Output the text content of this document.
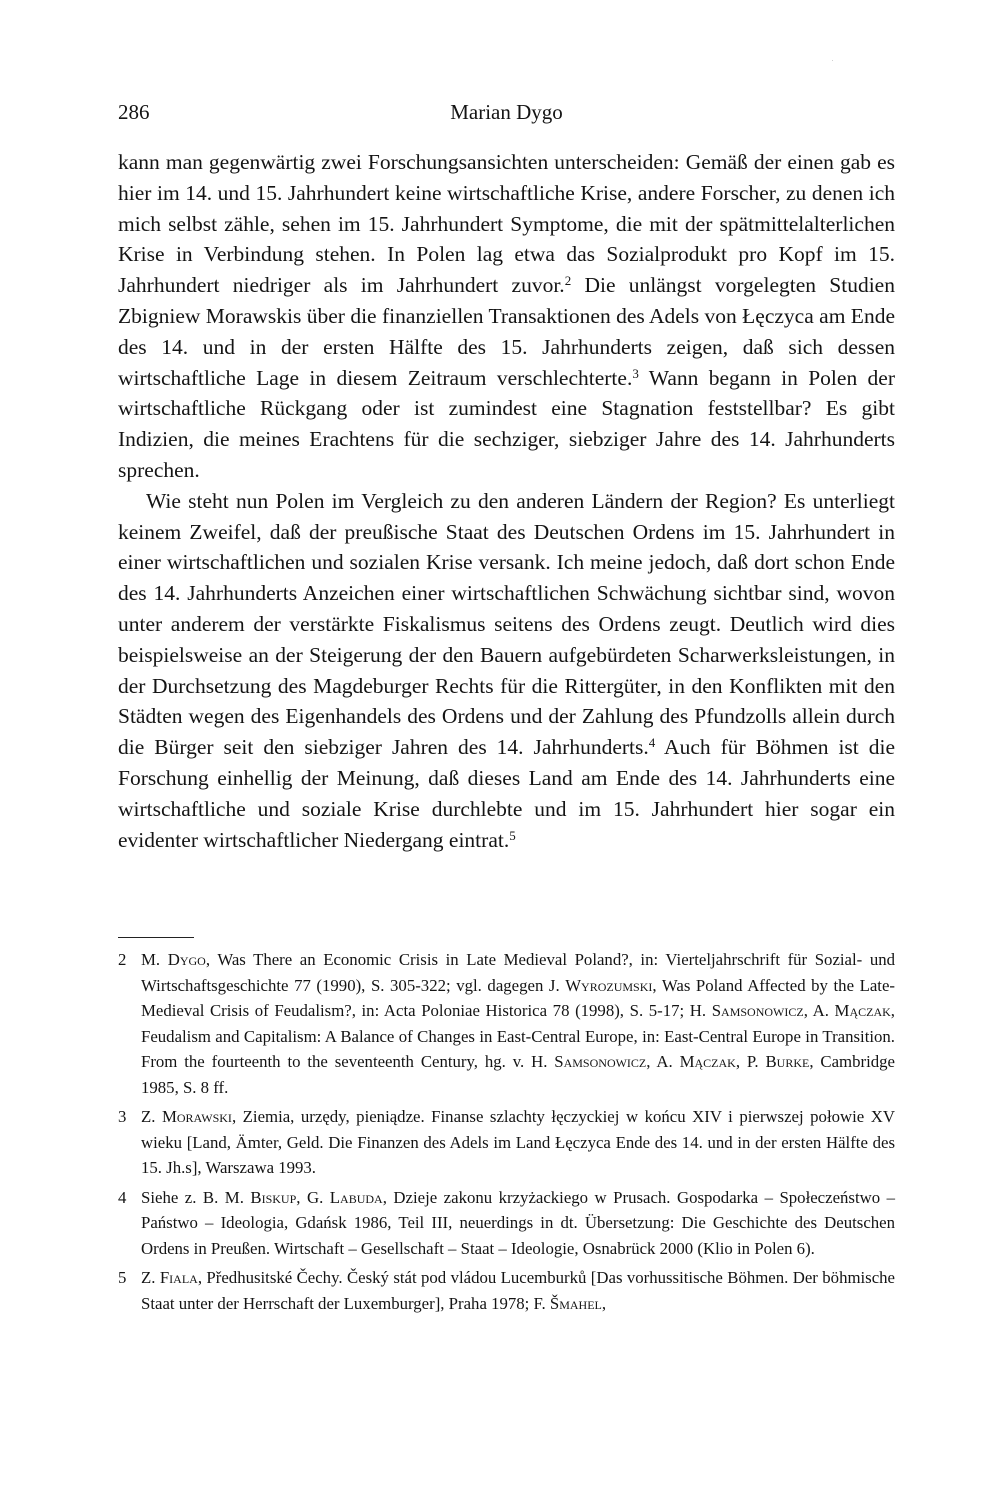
286	Marian Dygo

kann man gegenwärtig zwei Forschungsansichten unterscheiden: Gemäß der einen gab es hier im 14. und 15. Jahrhundert keine wirtschaftliche Krise, andere Forscher, zu denen ich mich selbst zähle, sehen im 15. Jahrhundert Symptome, die mit der spätmittelalterlichen Krise in Verbindung stehen. In Polen lag etwa das Sozialprodukt pro Kopf im 15. Jahrhundert niedriger als im Jahrhundert zuvor.$^2$ Die unlängst vorgelegten Studien Zbigniew Morawskis über die finanziellen Transaktionen des Adels von Łęczyca am Ende des 14. und in der ersten Hälfte des 15. Jahrhunderts zeigen, daß sich dessen wirtschaftliche Lage in diesem Zeitraum verschlechterte.$^3$ Wann begann in Polen der wirtschaftliche Rückgang oder ist zumindest eine Stagnation feststellbar? Es gibt Indizien, die meines Erachtens für die sechziger, siebziger Jahre des 14. Jahrhunderts sprechen.

Wie steht nun Polen im Vergleich zu den anderen Ländern der Region? Es unterliegt keinem Zweifel, daß der preußische Staat des Deutschen Ordens im 15. Jahrhundert in einer wirtschaftlichen und sozialen Krise versank. Ich meine jedoch, daß dort schon Ende des 14. Jahrhunderts Anzeichen einer wirtschaftlichen Schwächung sichtbar sind, wovon unter anderem der verstärkte Fiskalismus seitens des Ordens zeugt. Deutlich wird dies beispielsweise an der Steigerung der den Bauern aufgebürdeten Scharwerksleistungen, in der Durchsetzung des Magdeburger Rechts für die Rittergüter, in den Konflikten mit den Städten wegen des Eigenhandels des Ordens und der Zahlung des Pfundzolls allein durch die Bürger seit den siebziger Jahren des 14. Jahrhunderts.$^4$ Auch für Böhmen ist die Forschung einhellig der Meinung, daß dieses Land am Ende des 14. Jahrhunderts eine wirtschaftliche und soziale Krise durchlebte und im 15. Jahrhundert hier sogar ein evidenter wirtschaftlicher Niedergang eintrat.$^5$

2 M. Dygo, Was There an Economic Crisis in Late Medieval Poland?, in: Vierteljahrschrift für Sozial- und Wirtschaftsgeschichte 77 (1990), S. 305-322; vgl. dagegen J. Wyrozumski, Was Poland Affected by the Late-Medieval Crisis of Feudalism?, in: Acta Poloniae Historica 78 (1998), S. 5-17; H. Samsonowicz, A. Mączak, Feudalism and Capitalism: A Balance of Changes in East-Central Europe, in: East-Central Europe in Transition. From the fourteenth to the seventeenth Century, hg. v. H. Samsonowicz, A. Mączak, P. Burke, Cambridge 1985, S. 8 ff.
3 Z. Morawski, Ziemia, urzędy, pieniądze. Finanse szlachty łęczyckiej w końcu XIV i pierwszej połowie XV wieku [Land, Ämter, Geld. Die Finanzen des Adels im Land Łęczyca Ende des 14. und in der ersten Hälfte des 15. Jh.s], Warszawa 1993.
4 Siehe z. B. M. Biskup, G. Labuda, Dzieje zakonu krzyżackiego w Prusach. Gospodarka – Społeczeństwo – Państwo – Ideologia, Gdańsk 1986, Teil III, neuerdings in dt. Übersetzung: Die Geschichte des Deutschen Ordens in Preußen. Wirtschaft – Gesellschaft – Staat – Ideologie, Osnabrück 2000 (Klio in Polen 6).
5 Z. Fiala, Předhusitské Čechy. Český stát pod vládou Lucemburků [Das vorhussitische Böhmen. Der böhmische Staat unter der Herrschaft der Luxemburger], Praha 1978; F. Šmahel,
